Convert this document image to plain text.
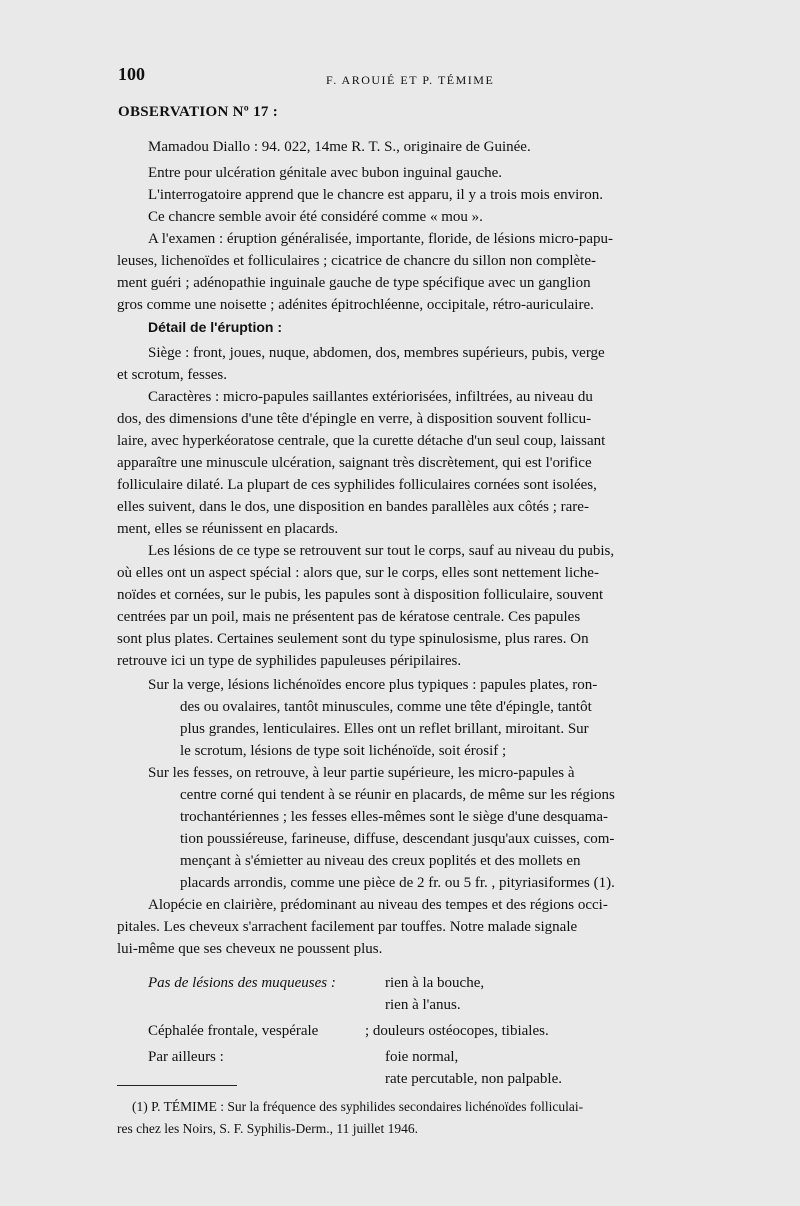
100	F. AROUIÉ ET P. TÉMIME
OBSERVATION Nº 17 :
Mamadou Diallo : 94. 022, 14me R. T. S., originaire de Guinée.
Entre pour ulcération génitale avec bubon inguinal gauche.
L'interrogatoire apprend que le chancre est apparu, il y a trois mois environ.
Ce chancre semble avoir été considéré comme « mou ».
A l'examen : éruption généralisée, importante, floride, de lésions micro-papu-
leuses, lichenoïdes et folliculaires ; cicatrice de chancre du sillon non complète-
ment guéri ; adénopathie inguinale gauche de type spécifique avec un ganglion
gros comme une noisette ; adénites épitrochléenne, occipitale, rétro-auriculaire.
Détail de l'éruption :
Siège : front, joues, nuque, abdomen, dos, membres supérieurs, pubis, verge
et scrotum, fesses.
Caractères : micro-papules saillantes extériorisées, infiltrées, au niveau du
dos, des dimensions d'une tête d'épingle en verre, à disposition souvent follicu-
laire, avec hyperkéoratose centrale, que la curette détache d'un seul coup, laissant
apparaître une minuscule ulcération, saignant très discrètement, qui est l'orifice
folliculaire dilaté. La plupart de ces syphilides folliculaires cornées sont isolées,
elles suivent, dans le dos, une disposition en bandes parallèles aux côtés ; rare-
ment, elles se réunissent en placards.
Les lésions de ce type se retrouvent sur tout le corps, sauf au niveau du pubis,
où elles ont un aspect spécial : alors que, sur le corps, elles sont nettement liche-
noïdes et cornées, sur le pubis, les papules sont à disposition folliculaire, souvent
centrées par un poil, mais ne présentent pas de kératose centrale. Ces papules
sont plus plates. Certaines seulement sont du type spinulosisme, plus rares. On
retrouve ici un type de syphilides papuleuses péripilaires.
Sur la verge, lésions lichénoïdes encore plus typiques : papules plates, ron-
des ou ovalaires, tantôt minuscules, comme une tête d'épingle, tantôt
plus grandes, lenticulaires. Elles ont un reflet brillant, miroitant. Sur
le scrotum, lésions de type soit lichénoïde, soit érosif ;
Sur les fesses, on retrouve, à leur partie supérieure, les micro-papules à
centre corné qui tendent à se réunir en placards, de même sur les régions
trochantériennes ; les fesses elles-mêmes sont le siège d'une desquama-
tion poussiéreuse, farineuse, diffuse, descendant jusqu'aux cuisses, com-
mençant à s'émietter au niveau des creux poplités et des mollets en
placards arrondis, comme une pièce de 2 fr. ou 5 fr. , pityriasiformes (1).
Alopécie en clairière, prédominant au niveau des tempes et des régions occi-
pitales. Les cheveux s'arrachent facilement par touffes. Notre malade signale
lui-même que ses cheveux ne poussent plus.
Pas de lésions des muqueuses :	rien à la bouche,
rien à l'anus.
Céphalée frontale, vespérale	; douleurs ostéocopes, tibiales.
Par ailleurs :	foie normal,
rate percutable, non palpable.
(1) P. TÉMIME : Sur la fréquence des syphilides secondaires lichénoïdes folliculai-
res chez les Noirs, S. F. Syphilis-Derm., 11 juillet 1946.
